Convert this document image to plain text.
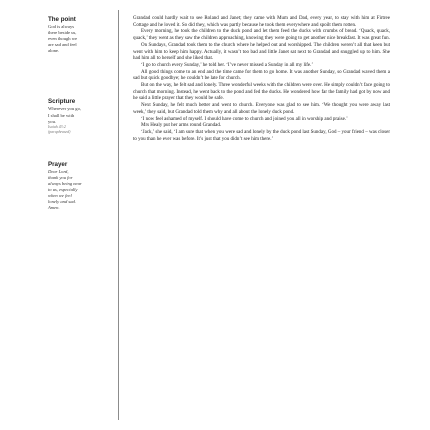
The point
God is always
there beside us,
even though we
are sad and feel
alone.
Scripture
Wherever you go,
I shall be with
you.
Isaiah 43:2
(paraphrased)
Prayer
Dear Lord,
thank you for
always being near
to us, especially
when we feel
lonely and sad.
Amen.

Grandad could hardly wait to see Roland and Janet; they came with Mum and Dad, every year, to stay with him at Firtree Cottage and he loved it. So did they, which was partly because he took them everywhere and spoilt them rotten.

Every morning, he took the children to the duck pond and let them feed the ducks with crumbs of bread. ‘Quack, quack, quack,’ they went as they saw the children approaching, knowing they were going to get another nice breakfast. It was great fun.

On Sundays, Grandad took them to the church where he helped out and worshipped. The children weren’t all that keen but went with him to keep him happy. Actually, it wasn’t too bad and little Janet sat next to Grandad and snuggled up to him. She had him all to herself and she liked that.

‘I go to church every Sunday,’ he told her. ‘I’ve never missed a Sunday in all my life.’

All good things come to an end and the time came for them to go home. It was another Sunday, so Grandad waved them a sad but quick goodbye; he couldn’t be late for church.

But on the way, he felt sad and lonely. Three wonderful weeks with the children were over. He simply couldn’t face going to church that morning. Instead, he went back to the pond and fed the ducks. He wondered how far the family had got by now and he said a little prayer that they would be safe.

Next Sunday, he felt much better and went to church. Everyone was glad to see him. ‘We thought you were away last week,’ they said, but Grandad told them why and all about the lonely duck pond.

‘I now feel ashamed of myself. I should have come to church and joined you all in worship and praise.’

Mrs Healy put her arms round Grandad.

‘Jack,’ she said, ‘I am sure that when you were sad and lonely by the duck pond last Sunday, God – your friend – was closer to you than he ever was before. It’s just that you didn’t see him there.’
